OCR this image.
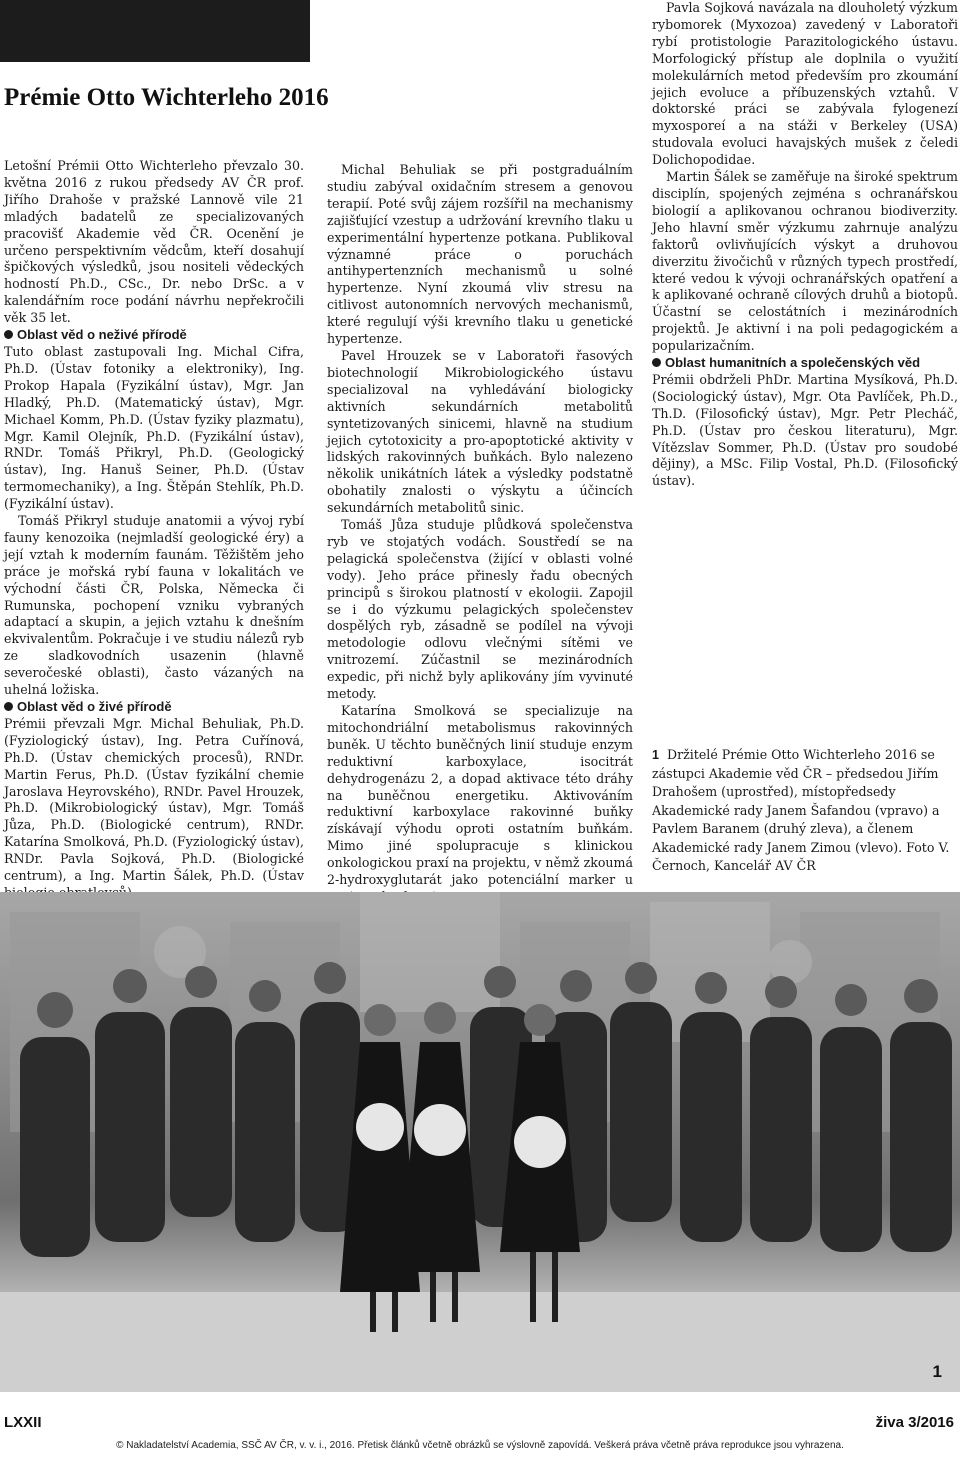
Prémie Otto Wichterleho 2016

Letošní Prémii Otto Wichterleho převzalo 30. května 2016 z rukou předsedy AV ČR prof. Jiřího Drahoše v pražské Lannově vile 21 mladých badatelů ze specializovaných pracovišť Akademie věd ČR. Ocenění je určeno perspektivním vědcům, kteří dosahují špičkových výsledků, jsou nositeli vědeckých hodností Ph.D., CSc., Dr. nebo DrSc. a v kalendářním roce podání návrhu nepřekročili věk 35 let.

Oblast věd o neživé přírodě

Tuto oblast zastupovali Ing. Michal Cifra, Ph.D. (Ústav fotoniky a elektroniky), Ing. Prokop Hapala (Fyzikální ústav), Mgr. Jan Hladký, Ph.D. (Matematický ústav), Mgr. Michael Komm, Ph.D. (Ústav fyziky plazmatu), Mgr. Kamil Olejník, Ph.D. (Fyzikální ústav), RNDr. Tomáš Přikryl, Ph.D. (Geologický ústav), Ing. Hanuš Seiner, Ph.D. (Ústav termomechaniky), a Ing. Štěpán Stehlík, Ph.D. (Fyzikální ústav).

Tomáš Přikryl studuje anatomii a vývoj rybí fauny kenozoika (nejmladší geologické éry) a její vztah k moderním faunám. Těžištěm jeho práce je mořská rybí fauna v lokalitách ve východní části ČR, Polska, Německa či Rumunska, pochopení vzniku vybraných adaptací a skupin, a jejich vztahu k dnešním ekvivalentům. Pokračuje i ve studiu nálezů ryb ze sladkovodních usazenin (hlavně severočeské oblasti), často vázaných na uhelná ložiska.

Oblast věd o živé přírodě

Prémii převzali Mgr. Michal Behuliak, Ph.D. (Fyziologický ústav), Ing. Petra Cuřínová, Ph.D. (Ústav chemických procesů), RNDr. Martin Ferus, Ph.D. (Ústav fyzikální chemie Jaroslava Heyrovského), RNDr. Pavel Hrouzek, Ph.D. (Mikrobiologický ústav), Mgr. Tomáš Jůza, Ph.D. (Biologické centrum), RNDr. Katarína Smolková, Ph.D. (Fyziologický ústav), RNDr. Pavla Sojková, Ph.D. (Biologické centrum), a Ing. Martin Šálek, Ph.D. (Ústav

Michal Behuliak se při postgraduálním studiu zabýval oxidačním stresem a genovou terapií. Poté svůj zájem rozšířil na mechanismy zajišťující vzestup a udržování krevního tlaku u experimentální hypertenze potkana. Publikoval významné práce o poruchách antihypertenzních mechanismů u solné hypertenze. Nyní zkoumá vliv stresu na citlivost autonomních nervových mechanismů, které regulují výši krevního tlaku u genetické hypertenze.

Pavel Hrouzek se v Laboratoři řasových biotechnologií Mikrobiologického ústavu specializoval na vyhledávání biologicky aktivních sekundárních metabolitů syntetizovaných sinicemi, hlavně na studium jejich cytotoxicity a pro-apoptotické aktivity v lidských rakovinných buňkách. Bylo nalezeno několik unikátních látek a výsledky podstatně obohatily znalosti o výskytu a účincích sekundárních metabolitů sinic.

Tomáš Jůza studuje plůdková společenstva ryb ve stojatých vodách. Soustředí se na pelagická společenstva (žijící v oblasti volné vody). Jeho práce přinesly řadu obecných principů s širokou platností v ekologii. Zapojil se i do výzkumu pelagických společenstev dospělých ryb, zásadně se podílel na vývoji metodologie odlovu vlečnými sítěmi ve vnitrozemí. Zúčastnil se mezinárodních expedic, při nichž byly aplikovány jím vyvinuté metody.

Katarína Smolková se specializuje na mitochondriální metabolismus rakovinných buněk. U těchto buněčných linií studuje enzym reduktivní karboxylace, isocitrát dehydrogenázu 2, a dopad aktivace této dráhy na buněčnou energetiku. Aktivováním reduktivní karboxylace rakovinné buňky získávají výhodu oproti ostatním buňkám. Mimo jiné spolupracuje s klinickou onkologickou praxí na projektu, v němž zkoumá 2-hydroxyglutarát jako potenciální marker u

Pavla Sojková navázala na dlouholetý výzkum rybomorek (Myxozoa) zavedený v Laboratoři rybí protistologie Parazitologického ústavu. Morfologický přístup ale doplnila o využití molekulárních metod především pro zkoumání jejich evoluce a příbuzenských vztahů. V doktorské práci se zabývala fylogenezí myxosporeí a na stáži v Berkeley (USA) studovala evoluci havajských mušek z čeledi Dolichopodidae.

Martin Šálek se zaměřuje na široké spektrum disciplín, spojených zejména s ochranářskou biologií a aplikovanou ochranou biodiverzity. Jeho hlavní směr výzkumu zahrnuje analýzu faktorů ovlivňujících výskyt a druhovou diverzitu živočichů v různých typech prostředí, které vedou k vývoji ochranářských opatření a k aplikované ochraně cílových druhů a biotopů. Účastní se celostátních i mezinárodních projektů. Je aktivní i na poli pedagogickém a popularizačním.

Oblast humanitních a společenských věd

Prémii obdrželi PhDr. Martina Mysíková, Ph.D. (Sociologický ústav), Mgr. Ota Pavlíček, Ph.D., Th.D. (Filosofický ústav), Mgr. Petr Plecháč, Ph.D. (Ústav pro českou literaturu), Mgr. Vítězslav Sommer, Ph.D. (Ústav pro soudobé dějiny), a MSc. Filip Vostal, Ph.D. (Filosofický ústav).

1 Držitelé Prémie Otto Wichterleho 2016 se zástupci Akademie věd ČR – předsedou Jiřím Drahošem (uprostřed), místopředsedy Akademické rady Janem Šafandou (vpravo) a Pavlem Baranem (druhý zleva), a členem Akademické rady Janem Zimou (vlevo). Foto V. Černoch, Kancelář AV ČR
1
LXXII	živa 3/2016
© Nakladatelství Academia, SSČ AV ČR, v. v. i., 2016. Přetisk článků včetně obrázků se výslovně zapovídá. Veškerá práva včetně práva reprodukce jsou vyhrazena.
